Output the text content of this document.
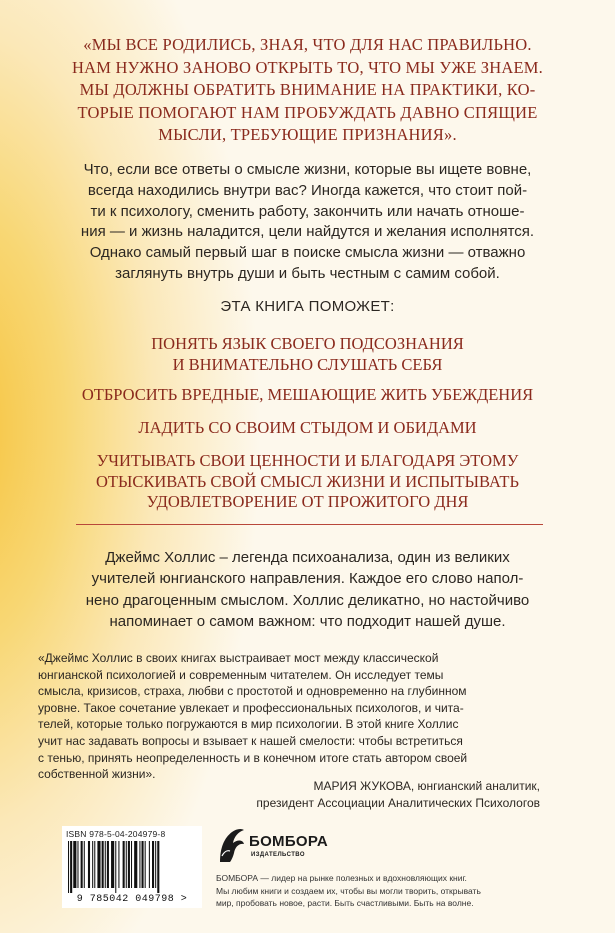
«МЫ ВСЕ РОДИЛИСЬ, ЗНАЯ, ЧТО ДЛЯ НАС ПРАВИЛЬНО.
НАМ НУЖНО ЗАНОВО ОТКРЫТЬ ТО, ЧТО МЫ УЖЕ ЗНАЕМ.
МЫ ДОЛЖНЫ ОБРАТИТЬ ВНИМАНИЕ НА ПРАКТИКИ, КО-
ТОРЫЕ ПОМОГАЮТ НАМ ПРОБУЖДАТЬ ДАВНО СПЯЩИЕ
МЫСЛИ, ТРЕБУЮЩИЕ ПРИЗНАНИЯ».
Что, если все ответы о смысле жизни, которые вы ищете вовне,
всегда находились внутри вас? Иногда кажется, что стоит пой-
ти к психологу, сменить работу, закончить или начать отноше-
ния — и жизнь наладится, цели найдутся и желания исполнятся.
Однако самый первый шаг в поиске смысла жизни — отважно
заглянуть внутрь души и быть честным с самим собой.
ЭТА КНИГА ПОМОЖЕТ:
ПОНЯТЬ ЯЗЫК СВОЕГО ПОДСОЗНАНИЯ
И ВНИМАТЕЛЬНО СЛУШАТЬ СЕБЯ
ОТБРОСИТЬ ВРЕДНЫЕ, МЕШАЮЩИЕ ЖИТЬ УБЕЖДЕНИЯ
ЛАДИТЬ СО СВОИМ СТЫДОМ И ОБИДАМИ
УЧИТЫВАТЬ СВОИ ЦЕННОСТИ И БЛАГОДАРЯ ЭТОМУ
ОТЫСКИВАТЬ СВОЙ СМЫСЛ ЖИЗНИ И ИСПЫТЫВАТЬ
УДОВЛЕТВОРЕНИЕ ОТ ПРОЖИТОГО ДНЯ
Джеймс Холлис – легенда психоанализа, один из великих
учителей юнгианского направления. Каждое его слово напол-
нено драгоценным смыслом. Холлис деликатно, но настойчиво
напоминает о самом важном: что подходит нашей душе.
«Джеймс Холлис в своих книгах выстраивает мост между классической
юнгианской психологией и современным читателем. Он исследует темы
смысла, кризисов, страха, любви с простотой и одновременно на глубинном
уровне. Такое сочетание увлекает и профессиональных психологов, и чита-
телей, которые только погружаются в мир психологии. В этой книге Холлис
учит нас задавать вопросы и взывает к нашей смелости: чтобы встретиться
с тенью, принять неопределенность и в конечном итоге стать автором своей
собственной жизни».
МАРИЯ ЖУКОВА, юнгианский аналитик,
президент Ассоциации Аналитических Психологов
ISBN 978-5-04-204979-8
9 785042 049798 >
БОМБОРА
ИЗДАТЕЛЬСТВО
БОМБОРА — лидер на рынке полезных и вдохновляющих книг.
Мы любим книги и создаем их, чтобы вы могли творить, открывать
мир, пробовать новое, расти. Быть счастливыми. Быть на волне.
